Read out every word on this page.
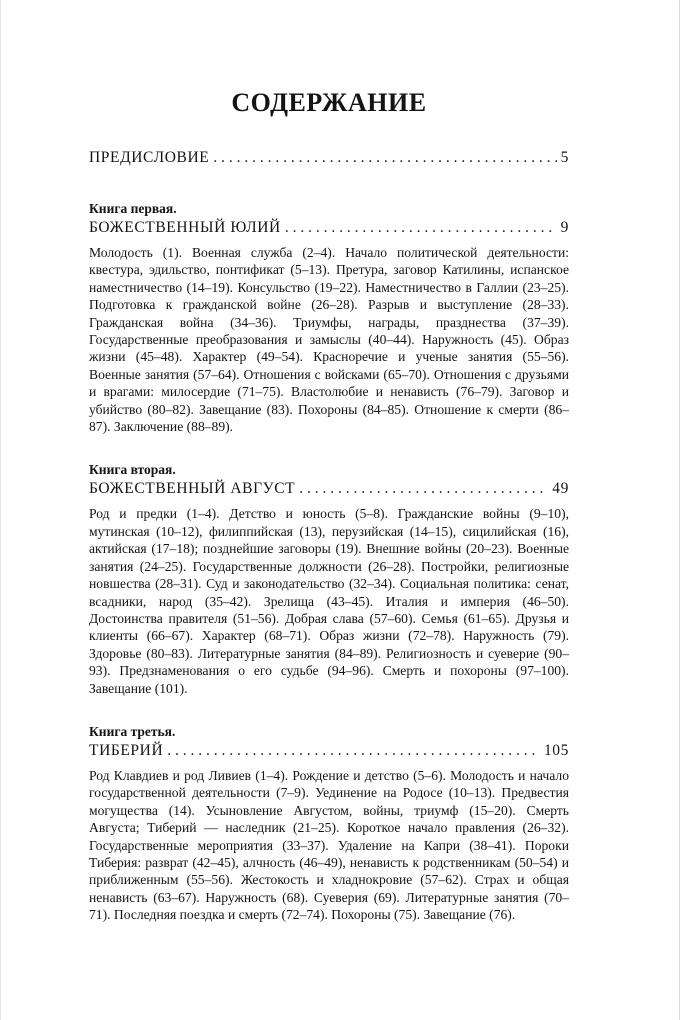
СОДЕРЖАНИЕ
ПРЕДИСЛОВИЕ . . .	5
Книга первая.
БОЖЕСТВЕННЫЙ ЮЛИЙ . . .	9

Молодость (1). Военная служба (2–4). Начало политической деятельности: квестура, эдильство, понтификат (5–13). Претура, заговор Катилины, испанское наместничество (14–19). Консульство (19–22). Наместничество в Галлии (23–25). Подготовка к гражданской войне (26–28). Разрыв и выступление (28–33). Гражданская война (34–36). Триумфы, награды, празднества (37–39). Государственные преобразования и замыслы (40–44). Наружность (45). Образ жизни (45–48). Характер (49–54). Красноречие и ученые занятия (55–56). Военные занятия (57–64). Отношения с войсками (65–70). Отношения с друзьями и врагами: милосердие (71–75). Властолюбие и ненависть (76–79). Заговор и убийство (80–82). Завещание (83). Похороны (84–85). Отношение к смерти (86–87). Заключение (88–89).

Книга вторая.
БОЖЕСТВЕННЫЙ АВГУСТ . . .	49

Род и предки (1–4). Детство и юность (5–8). Гражданские войны (9–10), мутинская (10–12), филиппийская (13), перузийская (14–15), сицилийская (16), актийская (17–18); позднейшие заговоры (19). Внешние войны (20–23). Военные занятия (24–25). Государственные должности (26–28). Постройки, религиозные новшества (28–31). Суд и законодательство (32–34). Социальная политика: сенат, всадники, народ (35–42). Зрелища (43–45). Италия и империя (46–50). Достоинства правителя (51–56). Добрая слава (57–60). Семья (61–65). Друзья и клиенты (66–67). Характер (68–71). Образ жизни (72–78). Наружность (79). Здоровье (80–83). Литературные занятия (84–89). Религиозность и суеверие (90–93). Предзнаменования о его судьбе (94–96). Смерть и похороны (97–100). Завещание (101).

Книга третья.
ТИБЕРИЙ . . .	105

Род Клавдиев и род Ливиев (1–4). Рождение и детство (5–6). Молодость и начало государственной деятельности (7–9). Уединение на Родосе (10–13). Предвестия могущества (14). Усыновление Августом, войны, триумф (15–20). Смерть Августа; Тиберий — наследник (21–25). Короткое начало правления (26–32). Государственные мероприятия (33–37). Удаление на Капри (38–41). Пороки Тиберия: разврат (42–45), алчность (46–49), ненависть к родственникам (50–54) и приближенным (55–56). Жестокость и хладнокровие (57–62). Страх и общая ненависть (63–67). Наружность (68). Суеверия (69). Литературные занятия (70–71). Последняя поездка и смерть (72–74). Похороны (75). Завещание (76).
